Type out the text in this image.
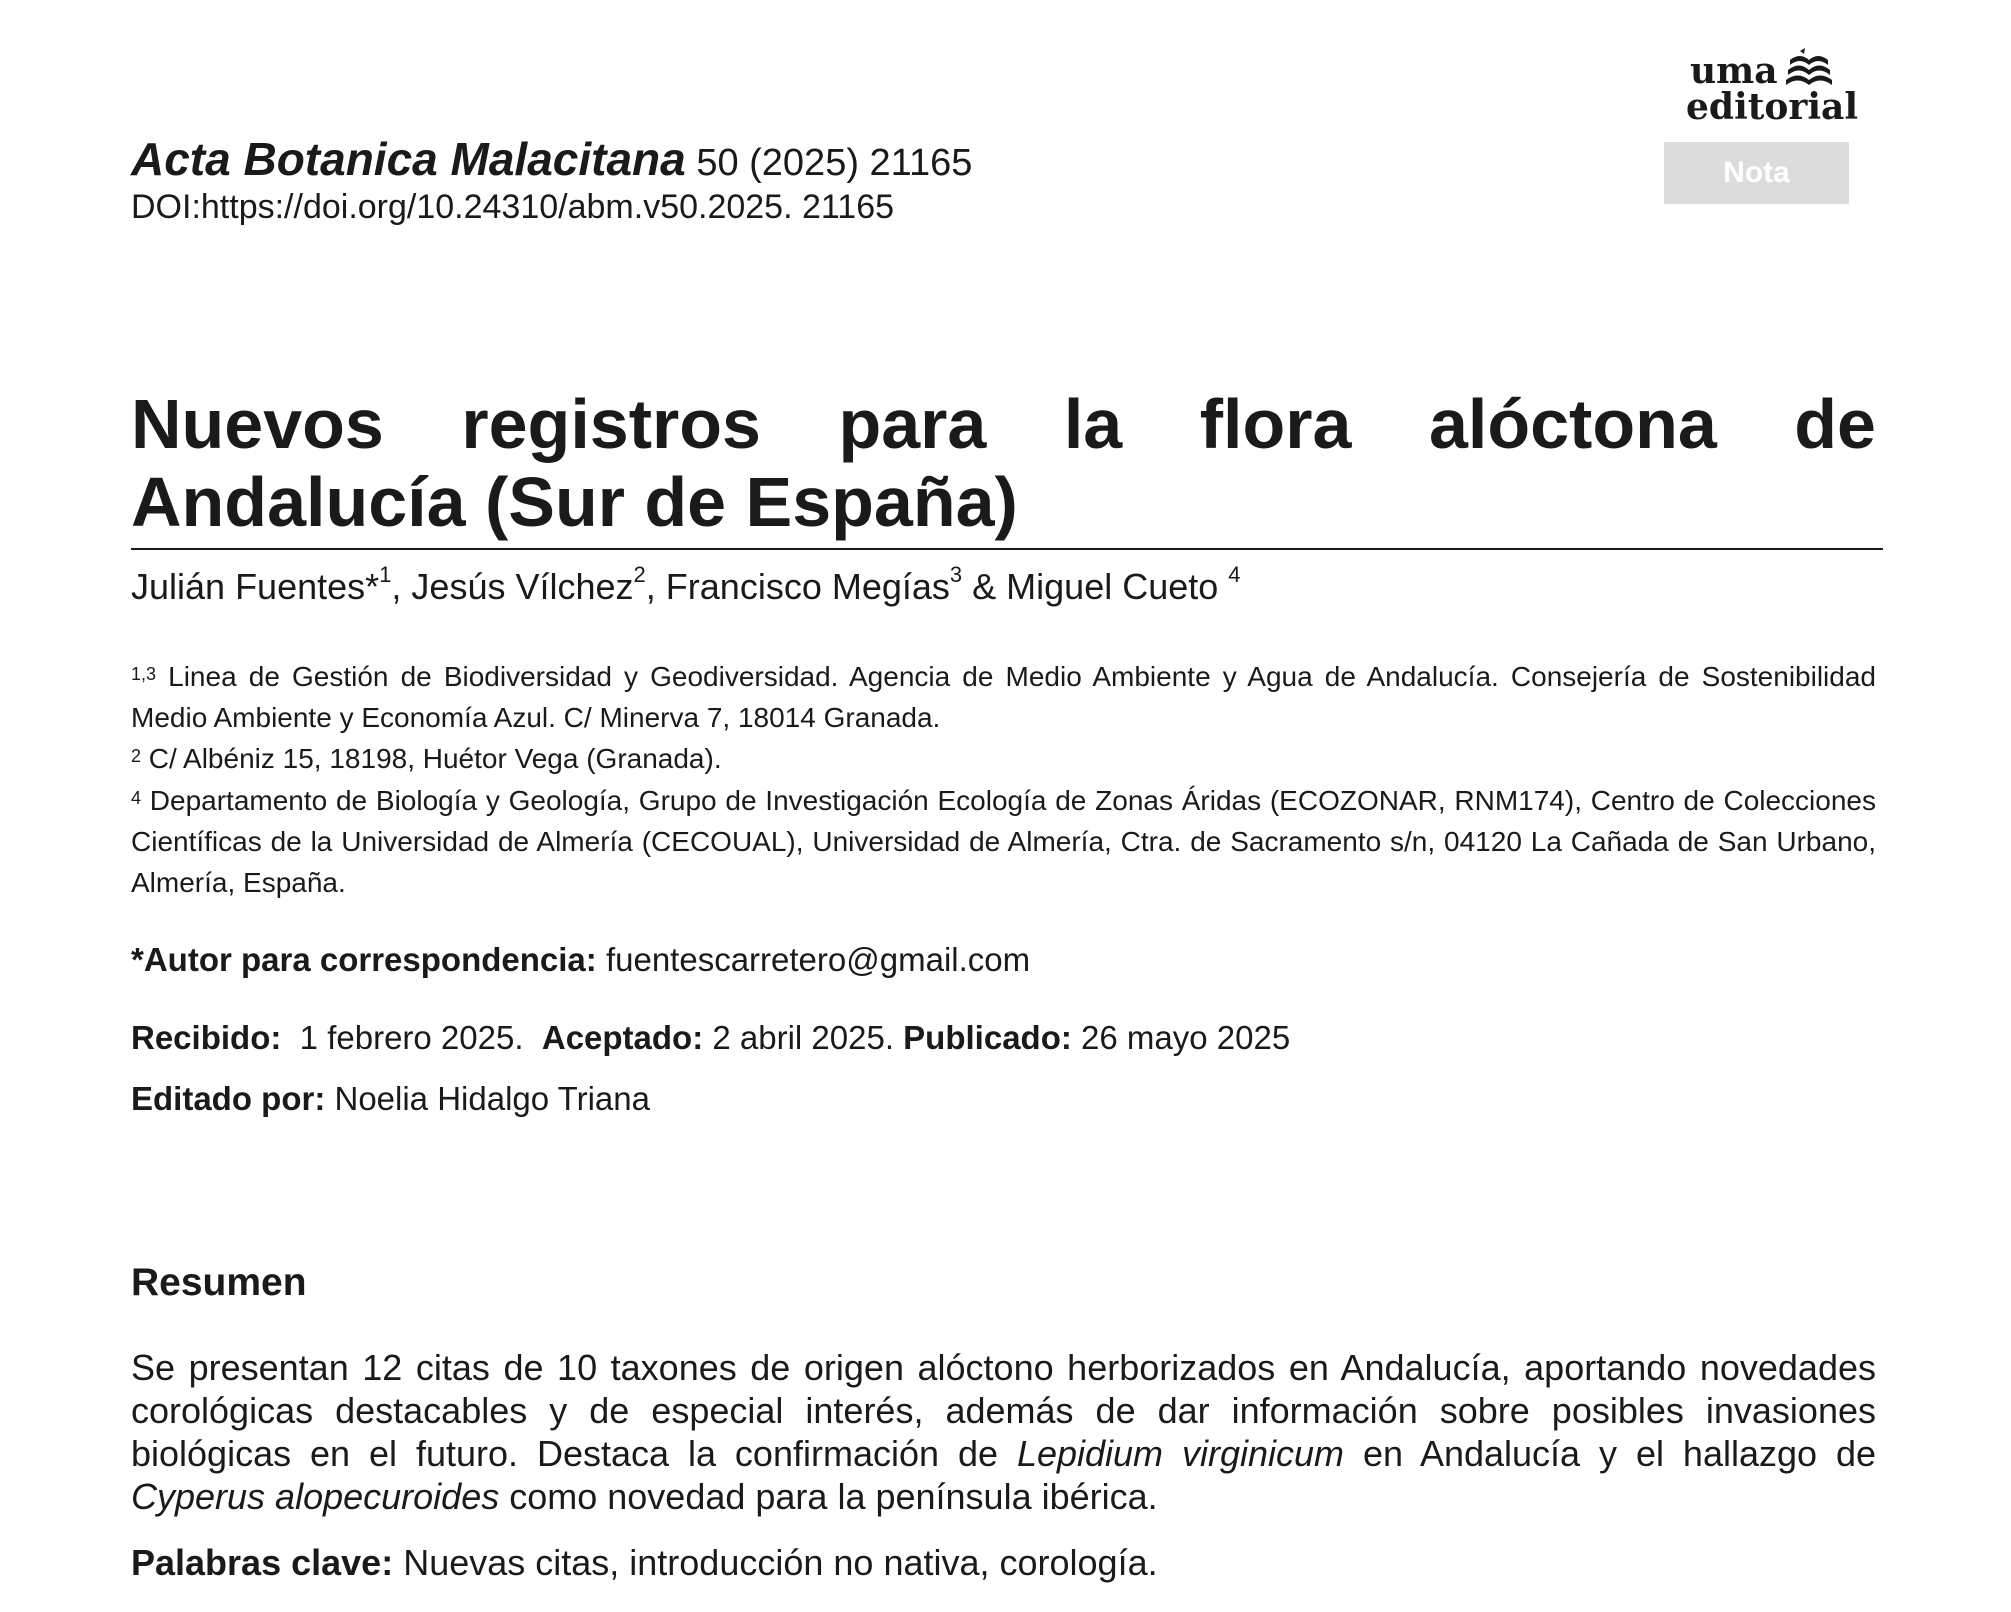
Acta Botanica Malacitana 50 (2025) 21165
DOI:https://doi.org/10.24310/abm.v50.2025. 21165
uma
editorial
Nota
Nuevos registros para la flora alóctona de Andalucía (Sur de España)
Julián Fuentes*$^1$, Jesús Vílchez$^2$, Francisco Megías$^3$ & Miguel Cueto $^4$
$^{1,3}$ Linea de Gestión de Biodiversidad y Geodiversidad. Agencia de Medio Ambiente y Agua de Andalucía. Consejería de Sostenibilidad Medio Ambiente y Economía Azul. C/ Minerva 7, 18014 Granada.
$^2$ C/ Albéniz 15, 18198, Huétor Vega (Granada).
$^4$ Departamento de Biología y Geología, Grupo de Investigación Ecología de Zonas Áridas (ECOZONAR, RNM174), Centro de Colecciones Científicas de la Universidad de Almería (CECOUAL), Universidad de Almería, Ctra. de Sacramento s/n, 04120 La Cañada de San Urbano, Almería, España.
*Autor para correspondencia: fuentescarretero@gmail.com
Recibido:  1 febrero 2025.  Aceptado: 2 abril 2025. Publicado: 26 mayo 2025
Editado por: Noelia Hidalgo Triana
Resumen
Se presentan 12 citas de 10 taxones de origen alóctono herborizados en Andalucía, aportando novedades corológicas destacables y de especial interés, además de dar información sobre posibles invasiones biológicas en el futuro. Destaca la confirmación de Lepidium virginicum en Andalucía y el hallazgo de Cyperus alopecuroides como novedad para la península ibérica.
Palabras clave: Nuevas citas, introducción no nativa, corología.
